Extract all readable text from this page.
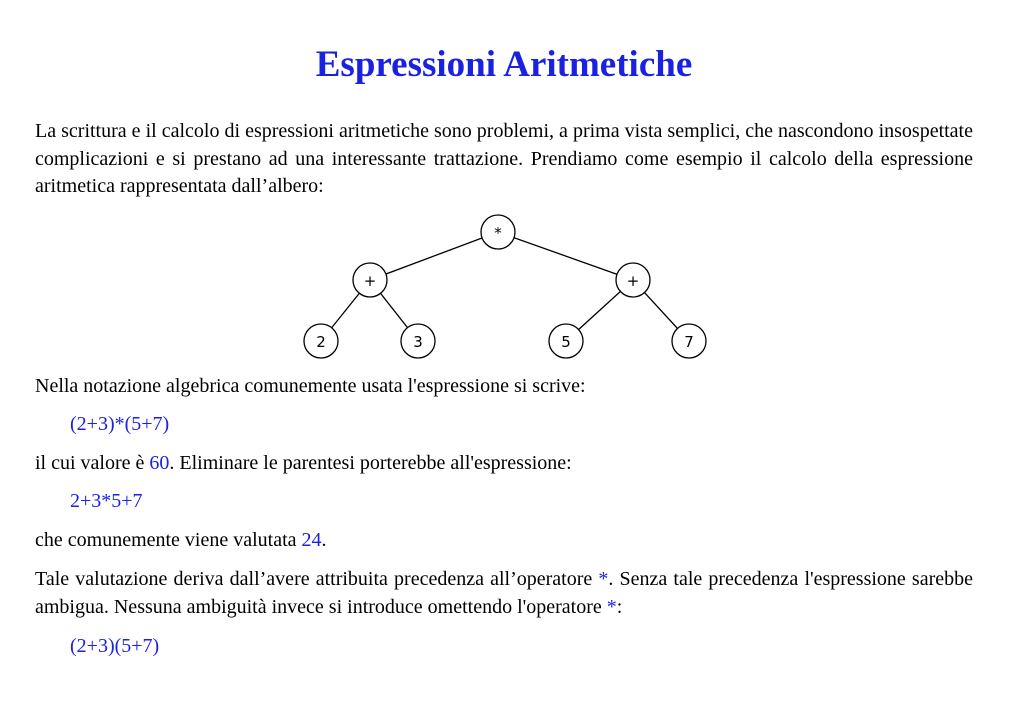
Espressioni Aritmetiche
La scrittura e il calcolo di espressioni aritmetiche sono problemi, a prima vista semplici, che nascondono insospettate complicazioni e si prestano ad una interessante trattazione. Prendiamo come esempio il calcolo della espressione aritmetica rappresentata dall’albero:
*
+	+
2	3	5	7
Nella notazione algebrica comunemente usata l'espressione si scrive:
(2+3)*(5+7)
il cui valore è 60. Eliminare le parentesi porterebbe all'espressione:
2+3*5+7
che comunemente viene valutata 24.
Tale valutazione deriva dall’avere attribuita precedenza all’operatore *. Senza tale precedenza l'espressione sarebbe ambigua. Nessuna ambiguità invece si introduce omettendo l'operatore *:
(2+3)(5+7)
